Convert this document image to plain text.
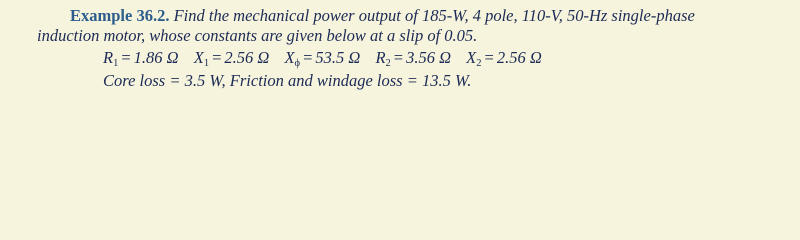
Example 36.2. Find the mechanical power output of 185-W, 4 pole, 110-V, 50-Hz single-phase
induction motor, whose constants are given below at a slip of 0.05.
R1 = 1.86 Ω X1 = 2.56 Ω Xϕ = 53.5 Ω R2 = 3.56 Ω X2 = 2.56 Ω
Core loss = 3.5 W, Friction and windage loss = 13.5 W.
